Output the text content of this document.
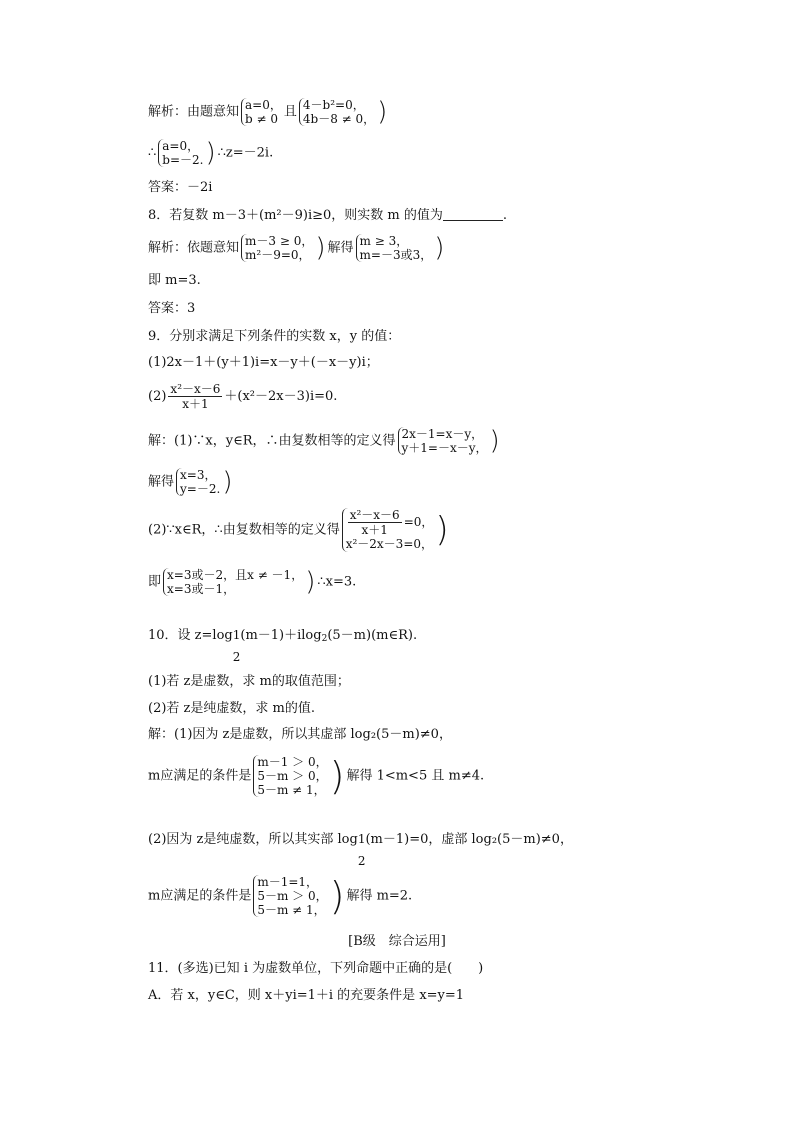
解析：由题意知 a=0，
b ≠ 0 且 4－b²=0，
4b－8 ≠ 0， )
∴ a=0，
b=－2. ) ∴z=－2i.
答案：－2i
8．若复数 m－3＋(m²－9)i≥0，则实数 m 的值为	.
解析：依题意知 m－3 ≥ 0，
m²－9=0， ) 解得 m ≥ 3，
m=－3或3， )
即 m=3.
答案：3
9．分别求满足下列条件的实数 x，y 的值：
(1)2x－1＋(y＋1)i=x－y＋(－x－y)i；
$(2) \frac{\text{x²－x－6}}{x+1} +(x^2-2x-3)i=0$.
解：(1)∵x，y∈R，∴由复数相等的定义得 2x－1=x－y，
y＋1=－x－y， )
解得 x=3，
y=－2. )
(2)∵x∈R，∴由复数相等的定义得 $\frac{\text{x²－x－6}}{x+1} =0$，
x²－2x－3=0， )
即 x=3或－2，且x ≠ －1，
x=3或－1，	) ∴x=3.
10．设 z=log 1
2
(m－1)＋ilog$_2$(5－m)(m∈R).
(1)若 z是虚数，求 m的取值范围；
(2)若 z是纯虚数，求 m的值.
解：(1)因为 z是虚数，所以其虚部 log₂(5－m)≠0，
m应满足的条件是
m－1 ＞ 0，
5－m ＞ 0，
5－m ≠ 1， ) 解得 1<m<5 且 m≠4.
(2)因为 z是纯虚数，所以其实部 log 1
2
(m－1)=0，虚部 log₂(5－m)≠0，
m应满足的条件是
m－1=1，
5－m ＞ 0，
5－m ≠ 1， ) 解得 m=2.
[B级　综合运用]
11．(多选)已知 i 为虚数单位，下列命题中正确的是(　　)
A．若 x，y∈C，则 x＋yi=1＋i 的充要条件是 x=y=1
